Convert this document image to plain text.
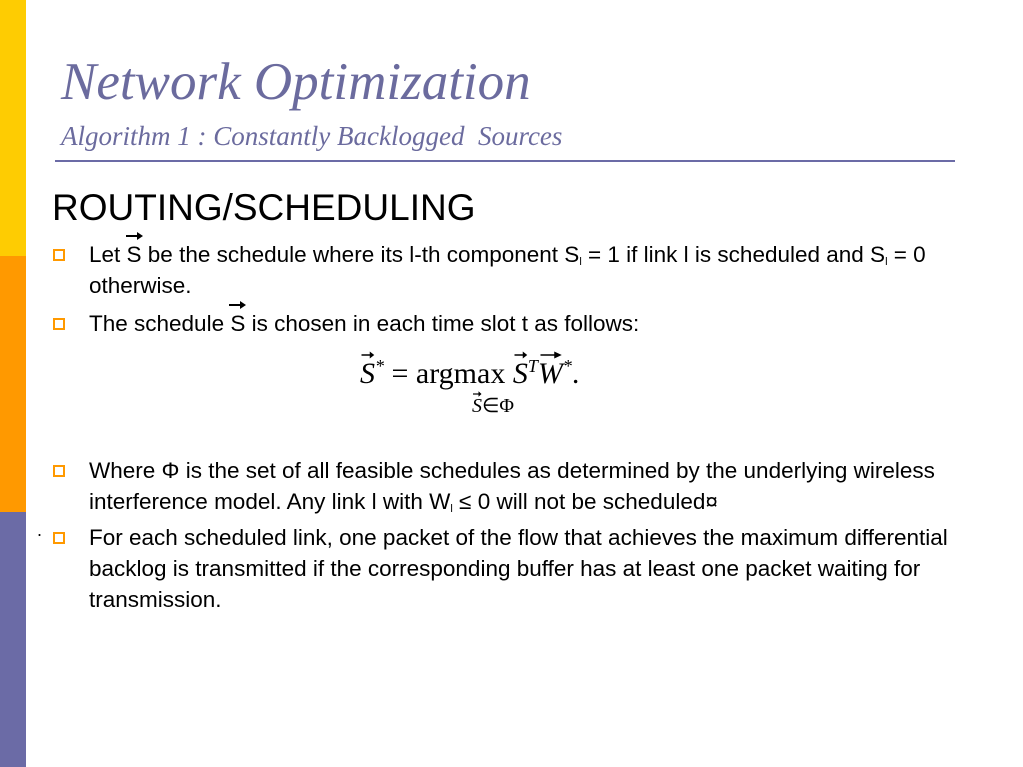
Network Optimization
Algorithm 1 : Constantly Backlogged  Sources
ROUTING/SCHEDULING
Let
S be the schedule where its l-th component $S_l = 1$ if link l is scheduled and $S_l = 0$ otherwise.
The schedule
S is chosen in each time slot t as follows:
S* = argmax
$S^T$
W*.
S∈Φ
Where Φ is the set of all feasible schedules as determined by the underlying wireless interference model. Any link l with $W_l \le 0$ will not be scheduled¤
. For each scheduled link, one packet of the flow that achieves the maximum differential backlog is transmitted if the corresponding buffer has at least one packet waiting for transmission.
